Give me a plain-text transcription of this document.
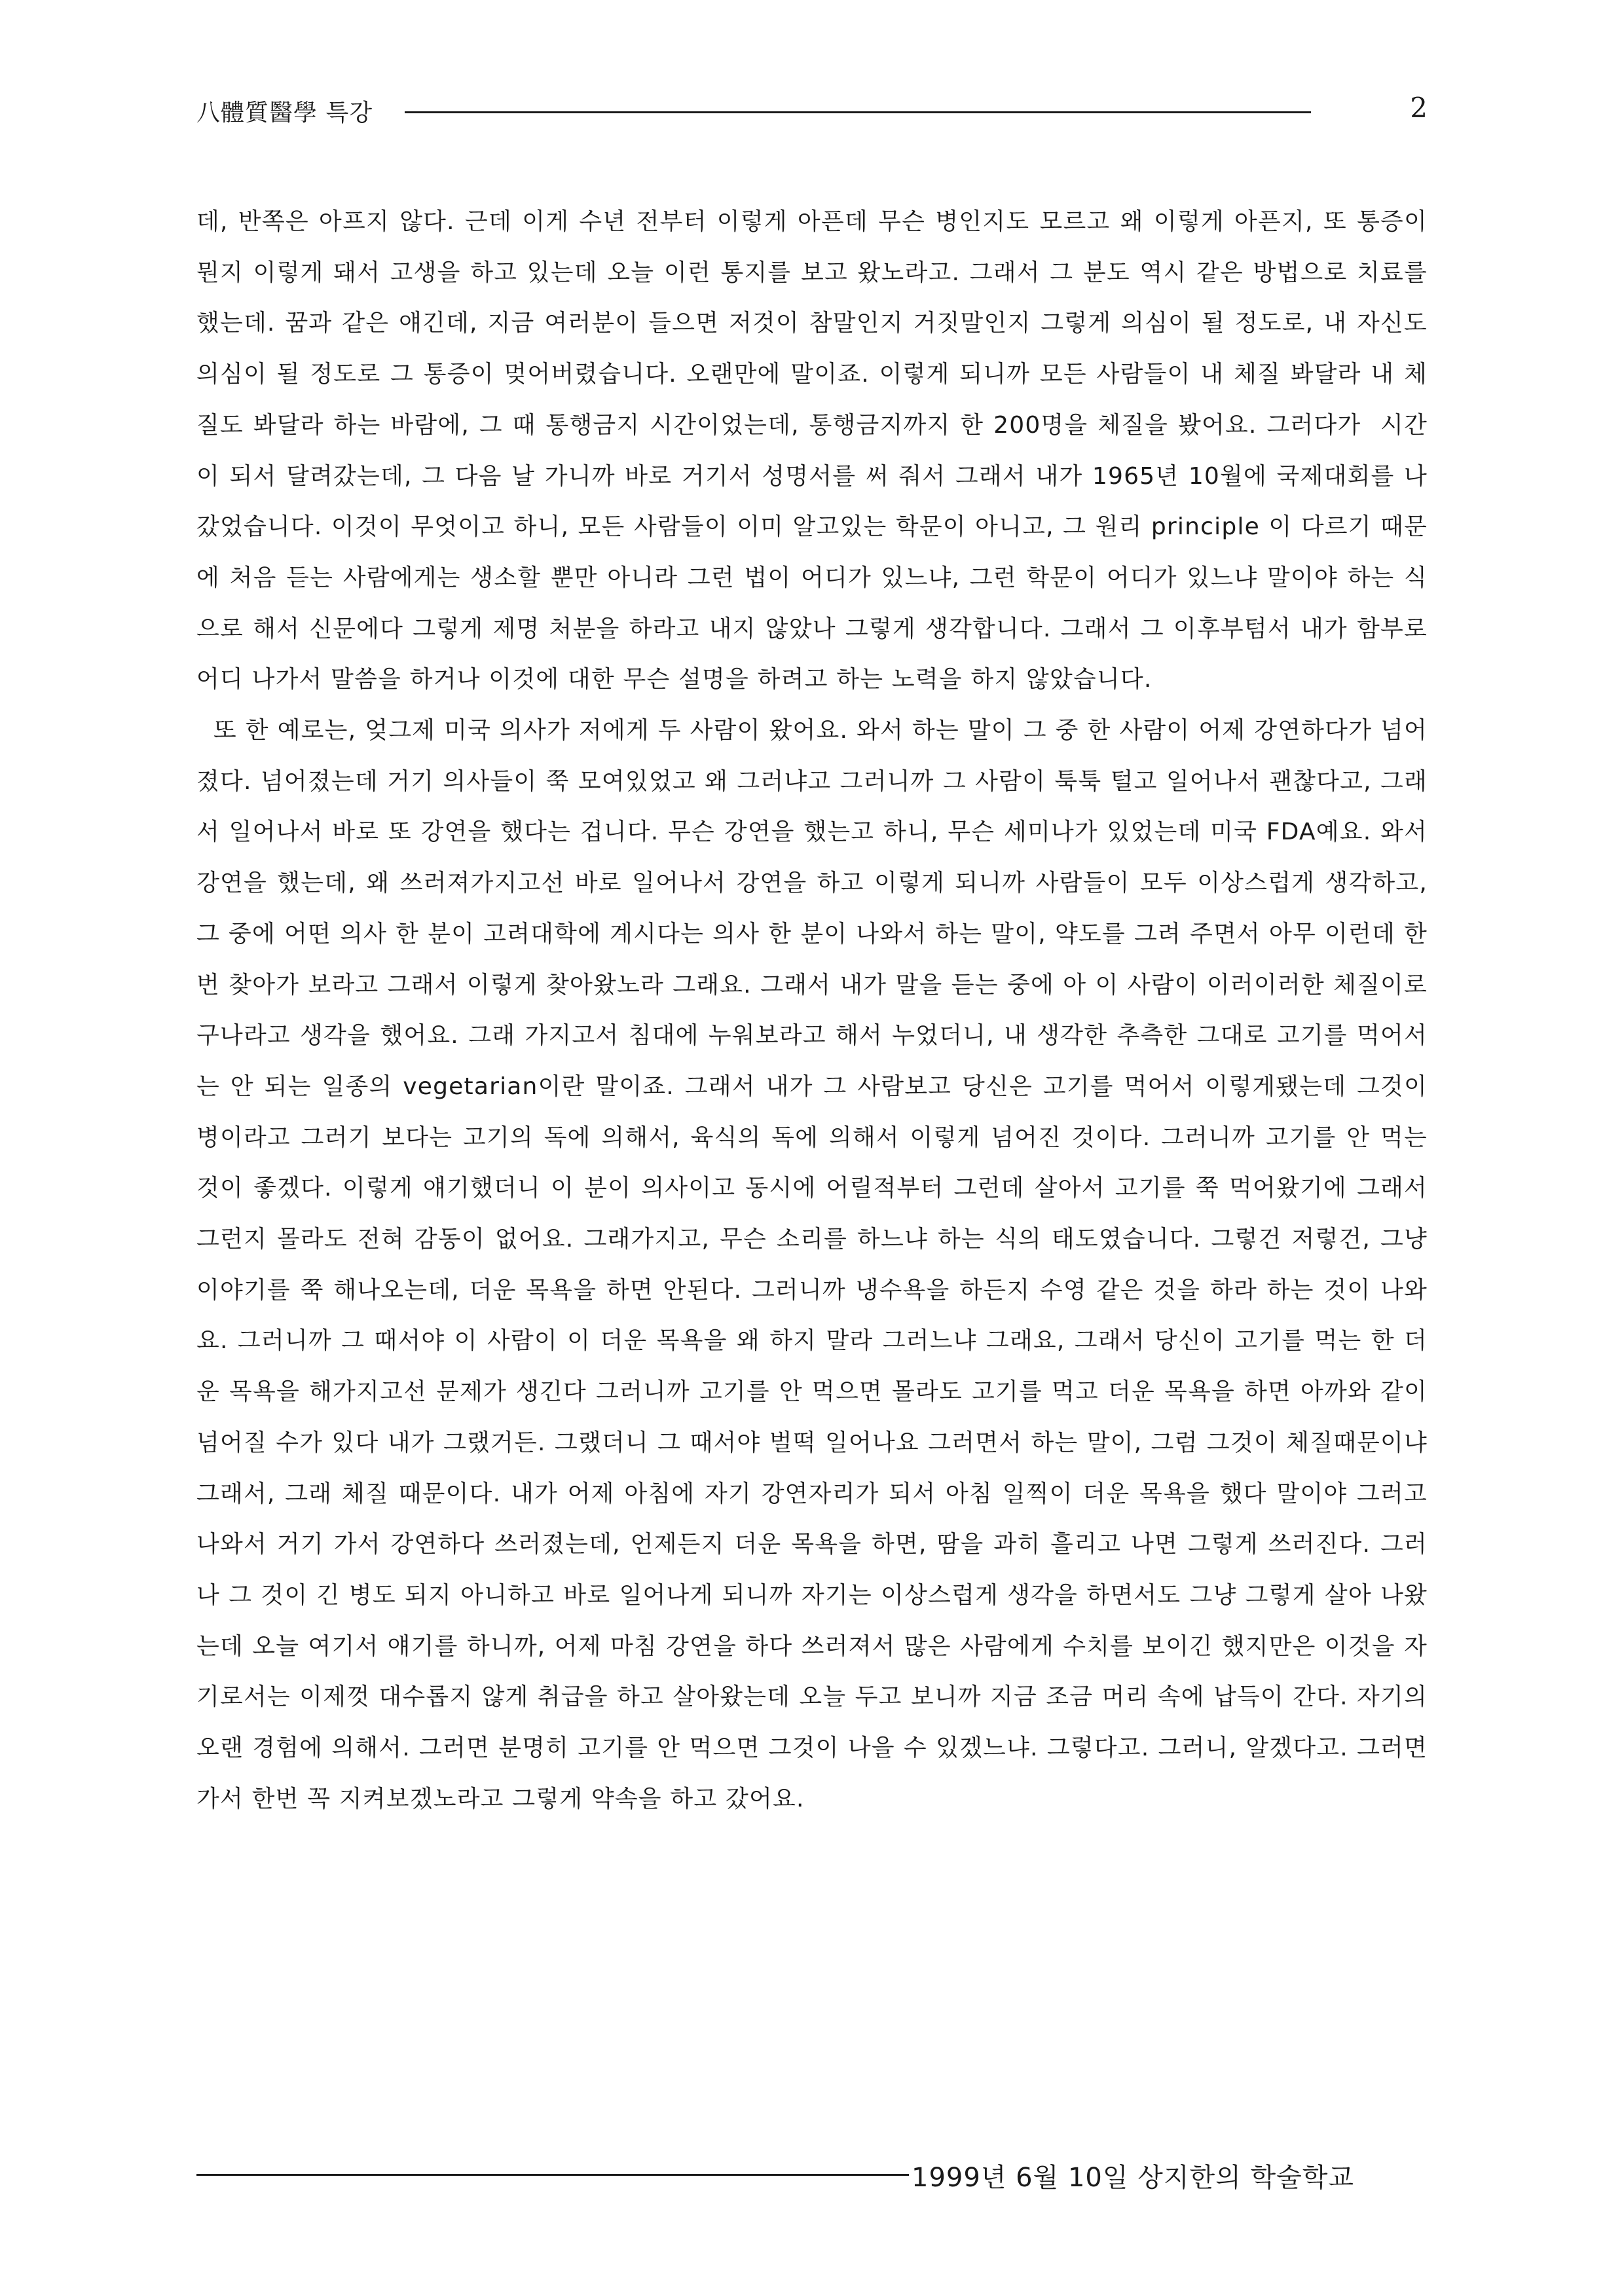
八體質醫學 특강	2

데, 반쪽은 아프지 않다. 근데 이게 수년 전부터 이렇게 아픈데 무슨 병인지도 모르고 왜 이렇게 아픈지, 또 통증이 뭔지 이렇게 돼서 고생을 하고 있는데 오늘 이런 통지를 보고 왔노라고. 그래서 그 분도 역시 같은 방법으로 치료를 했는데. 꿈과 같은 얘긴데, 지금 여러분이 들으면 저것이 참말인지 거짓말인지 그렇게 의심이 될 정도로, 내 자신도 의심이 될 정도로 그 통증이 멎어버렸습니다. 오랜만에 말이죠. 이렇게 되니까 모든 사람들이 내 체질 봐달라 내 체질도 봐달라 하는 바람에, 그 때 통행금지 시간이었는데, 통행금지까지 한 200명을 체질을 봤어요. 그러다가  시간이 되서 달려갔는데, 그 다음 날 가니까 바로 거기서 성명서를 써 줘서 그래서 내가 1965년 10월에 국제대회를 나갔었습니다. 이것이 무엇이고 하니, 모든 사람들이 이미 알고있는 학문이 아니고, 그 원리 principle 이 다르기 때문에 처음 듣는 사람에게는 생소할 뿐만 아니라 그런 법이 어디가 있느냐, 그런 학문이 어디가 있느냐 말이야 하는 식으로 해서 신문에다 그렇게 제명 처분을 하라고 내지 않았나 그렇게 생각합니다. 그래서 그 이후부텀서 내가 함부로 어디 나가서 말씀을 하거나 이것에 대한 무슨 설명을 하려고 하는 노력을 하지 않았습니다.

또 한 예로는, 엊그제 미국 의사가 저에게 두 사람이 왔어요. 와서 하는 말이 그 중 한 사람이 어제 강연하다가 넘어졌다. 넘어졌는데 거기 의사들이 쭉 모여있었고 왜 그러냐고 그러니까 그 사람이 툭툭 털고 일어나서 괜찮다고, 그래서 일어나서 바로 또 강연을 했다는 겁니다. 무슨 강연을 했는고 하니, 무슨 세미나가 있었는데 미국 FDA예요. 와서 강연을 했는데, 왜 쓰러져가지고선 바로 일어나서 강연을 하고 이렇게 되니까 사람들이 모두 이상스럽게 생각하고, 그 중에 어떤 의사 한 분이 고려대학에 계시다는 의사 한 분이 나와서 하는 말이, 약도를 그려 주면서 아무 이런데 한번 찾아가 보라고 그래서 이렇게 찾아왔노라 그래요. 그래서 내가 말을 듣는 중에 아 이 사람이 이러이러한 체질이로구나라고 생각을 했어요. 그래 가지고서 침대에 누워보라고 해서 누었더니, 내 생각한 추측한 그대로 고기를 먹어서는 안 되는 일종의 vegetarian이란 말이죠. 그래서 내가 그 사람보고 당신은 고기를 먹어서 이렇게됐는데 그것이 병이라고 그러기 보다는 고기의 독에 의해서, 육식의 독에 의해서 이렇게 넘어진 것이다. 그러니까 고기를 안 먹는 것이 좋겠다. 이렇게 얘기했더니 이 분이 의사이고 동시에 어릴적부터 그런데 살아서 고기를 쭉 먹어왔기에 그래서 그런지 몰라도 전혀 감동이 없어요. 그래가지고, 무슨 소리를 하느냐 하는 식의 태도였습니다. 그렇건 저렇건, 그냥 이야기를 쭉 해나오는데, 더운 목욕을 하면 안된다. 그러니까 냉수욕을 하든지 수영 같은 것을 하라 하는 것이 나와요. 그러니까 그 때서야 이 사람이 이 더운 목욕을 왜 하지 말라 그러느냐 그래요, 그래서 당신이 고기를 먹는 한 더운 목욕을 해가지고선 문제가 생긴다 그러니까 고기를 안 먹으면 몰라도 고기를 먹고 더운 목욕을 하면 아까와 같이 넘어질 수가 있다 내가 그랬거든. 그랬더니 그 때서야 벌떡 일어나요 그러면서 하는 말이, 그럼 그것이 체질때문이냐 그래서, 그래 체질 때문이다. 내가 어제 아침에 자기 강연자리가 되서 아침 일찍이 더운 목욕을 했다 말이야 그러고 나와서 거기 가서 강연하다 쓰러졌는데, 언제든지 더운 목욕을 하면, 땀을 과히 흘리고 나면 그렇게 쓰러진다. 그러나 그 것이 긴 병도 되지 아니하고 바로 일어나게 되니까 자기는 이상스럽게 생각을 하면서도 그냥 그렇게 살아 나왔는데 오늘 여기서 얘기를 하니까, 어제 마침 강연을 하다 쓰러져서 많은 사람에게 수치를 보이긴 했지만은 이것을 자기로서는 이제껏 대수롭지 않게 취급을 하고 살아왔는데 오늘 두고 보니까 지금 조금 머리 속에 납득이 간다. 자기의 오랜 경험에 의해서. 그러면 분명히 고기를 안 먹으면 그것이 나을 수 있겠느냐. 그렇다고. 그러니, 알겠다고. 그러면 가서 한번 꼭 지켜보겠노라고 그렇게 약속을 하고 갔어요.

1999년 6월 10일 상지한의 학술학교
